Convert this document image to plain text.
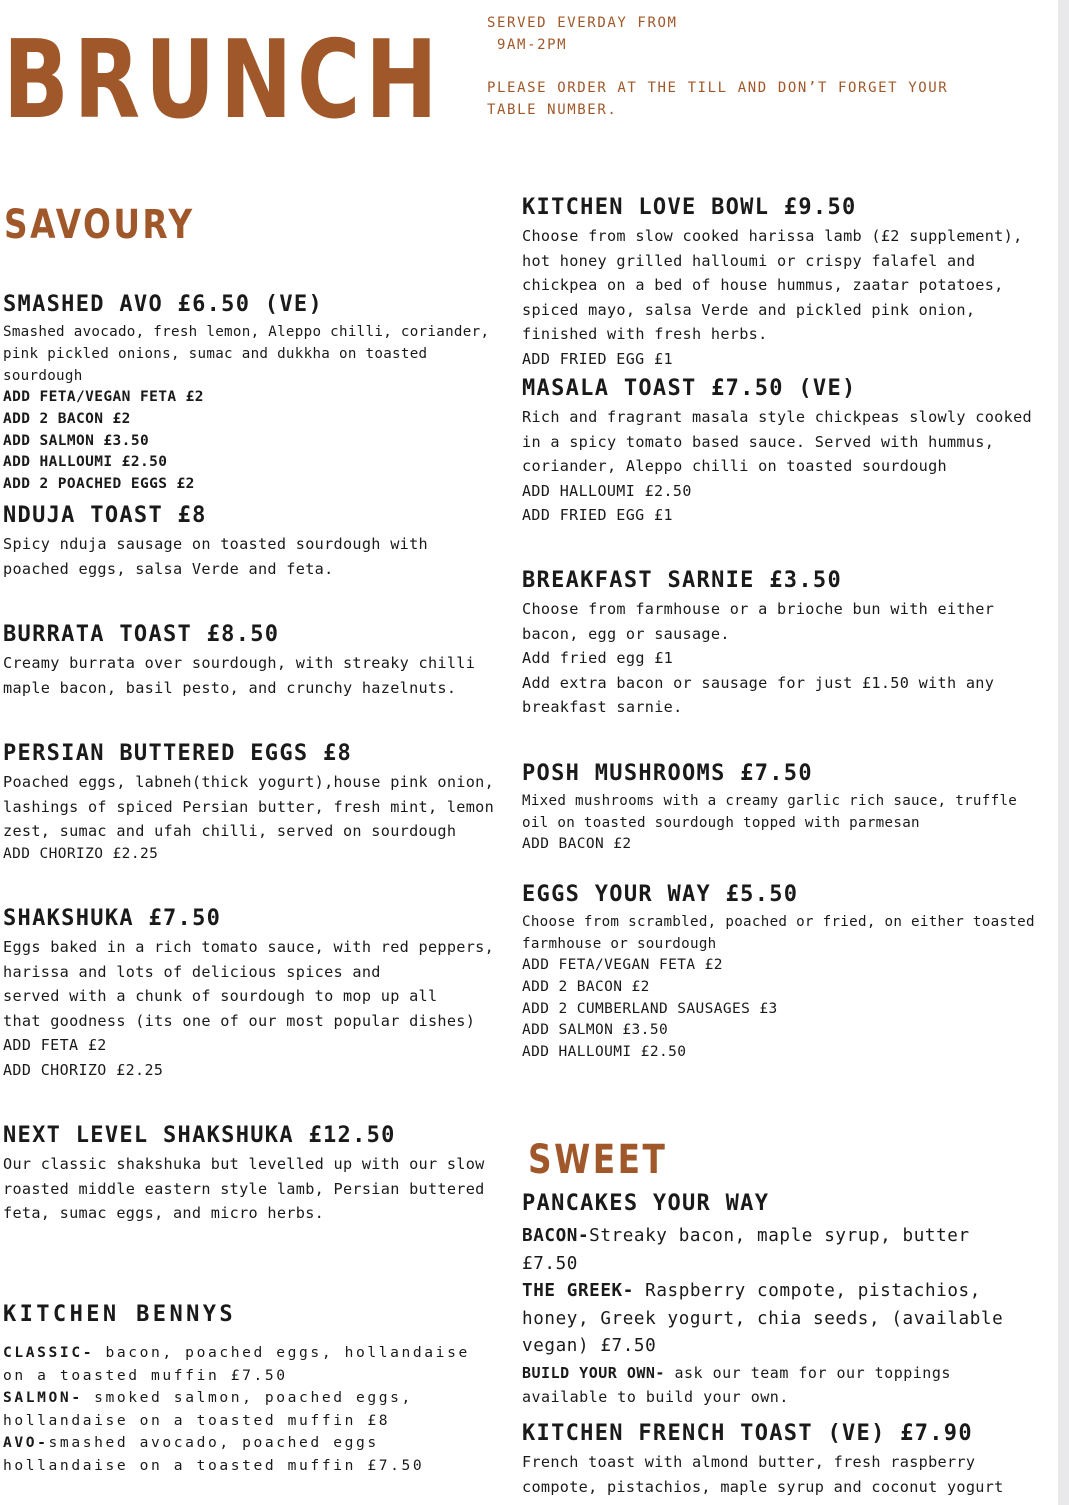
BRUNCH	SERVED EVERDAY FROM
9AM-2PM
PLEASE ORDER AT THE TILL AND DON’T FORGET YOUR
TABLE NUMBER.
SAVOURY
SWEET
SMASHED AVO £6.50 (VE)

Smashed avocado, fresh lemon, Aleppo chilli, coriander, pink pickled onions, sumac and dukkha on toasted sourdough

ADD FETA/VEGAN FETA £2
ADD 2 BACON £2
ADD SALMON £3.50
ADD HALLOUMI £2.50
ADD 2 POACHED EGGS £2
NDUJA TOAST £8

Spicy nduja sausage on toasted sourdough with poached eggs, salsa Verde and feta.

BURRATA TOAST £8.50

Creamy burrata over sourdough, with streaky chilli maple bacon, basil pesto, and crunchy hazelnuts.

PERSIAN BUTTERED EGGS £8

Poached eggs, labneh(thick yogurt),house pink onion, lashings of spiced Persian butter, fresh mint, lemon zest, sumac and ufah chilli, served on sourdough

ADD CHORIZO £2.25
SHAKSHUKA £7.50

Eggs baked in a rich tomato sauce, with red peppers,

harissa and lots of delicious spices and

served with a chunk of sourdough to mop up all

that goodness (its one of our most popular dishes)

ADD FETA £2
ADD CHORIZO £2.25
NEXT LEVEL SHAKSHUKA £12.50

Our classic shakshuka but levelled up with our slow roasted middle eastern style lamb, Persian buttered feta, sumac eggs, and micro herbs.

KITCHEN BENNYS
CLASSIC- bacon, poached eggs, hollandaise on a toasted muffin £7.50
SALMON- smoked salmon, poached eggs, hollandaise on a toasted muffin £8
AVO-smashed avocado, poached eggs hollandaise on a toasted muffin £7.50
KITCHEN LOVE BOWL £9.50

Choose from slow cooked harissa lamb (£2 supplement), hot honey grilled halloumi or crispy falafel and chickpea on a bed of house hummus, zaatar potatoes, spiced mayo, salsa Verde and pickled pink onion, finished with fresh herbs.

ADD FRIED EGG £1
MASALA TOAST £7.50 (VE)

Rich and fragrant masala style chickpeas slowly cooked in a spicy tomato based sauce. Served with hummus, coriander, Aleppo chilli on toasted sourdough

ADD HALLOUMI £2.50
ADD FRIED EGG £1
BREAKFAST SARNIE £3.50

Choose from farmhouse or a brioche bun with either bacon, egg or sausage.

Add fried egg £1

Add extra bacon or sausage for just £1.50 with any breakfast sarnie.

POSH MUSHROOMS £7.50

Mixed mushrooms with a creamy garlic rich sauce, truffle oil on toasted sourdough topped with parmesan

ADD BACON £2
EGGS YOUR WAY £5.50

Choose from scrambled, poached or fried, on either toasted farmhouse or sourdough

ADD FETA/VEGAN FETA £2
ADD 2 BACON £2
ADD 2 CUMBERLAND SAUSAGES £3
ADD SALMON £3.50
ADD HALLOUMI £2.50
PANCAKES YOUR WAY
BACON-Streaky bacon, maple syrup, butter £7.50
THE GREEK- Raspberry compote, pistachios, honey, Greek yogurt, chia seeds, (available vegan) £7.50
BUILD YOUR OWN- ask our team for our toppings available to build your own.
KITCHEN FRENCH TOAST (VE) £7.90

French toast with almond butter, fresh raspberry compote, pistachios, maple syrup and coconut yogurt
